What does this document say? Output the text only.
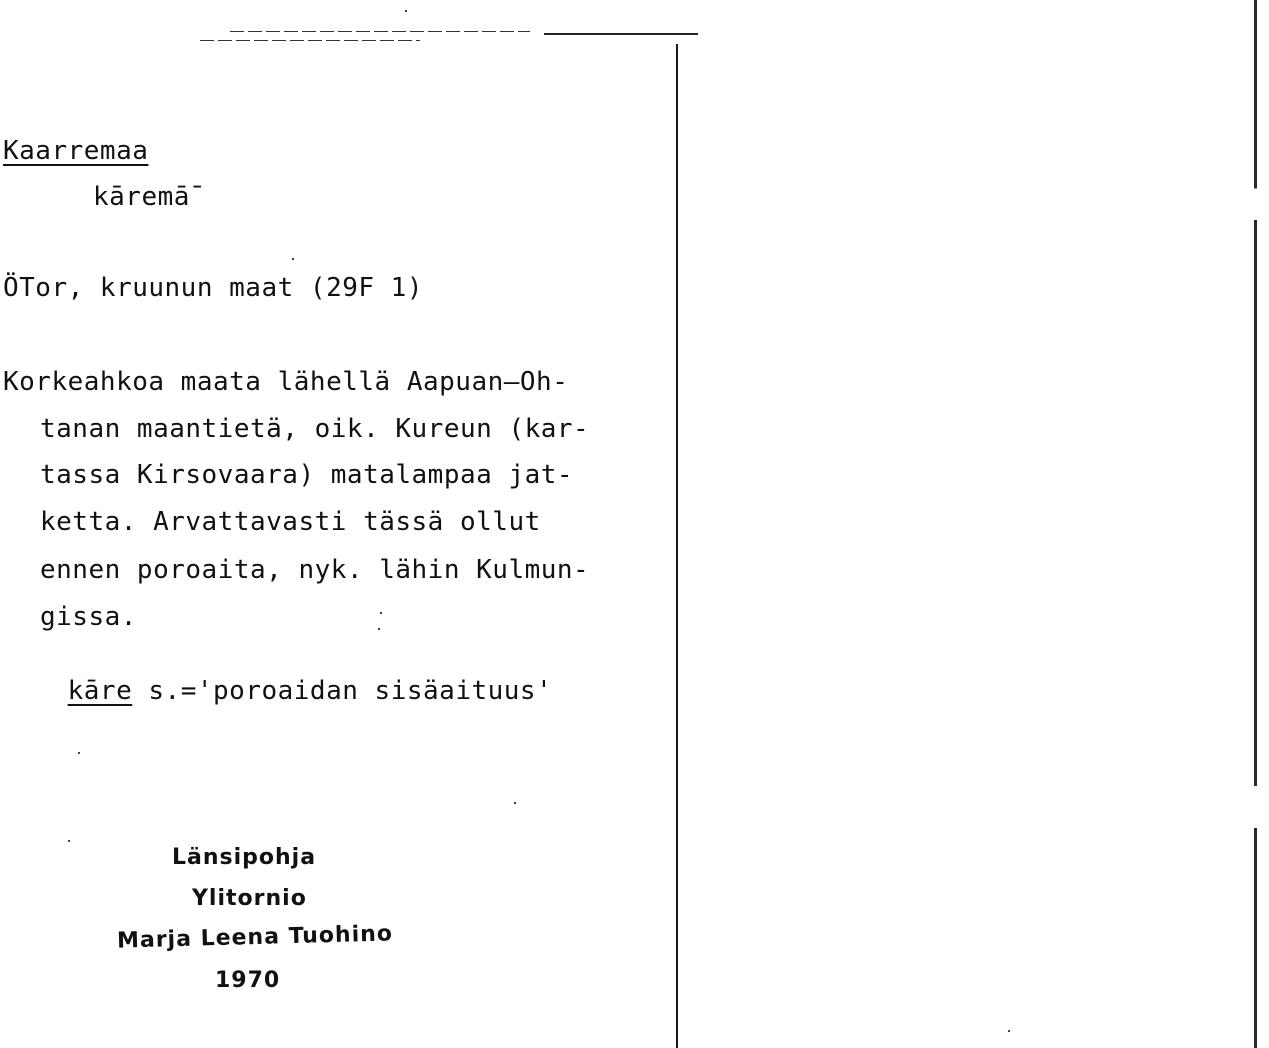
Kaarremaa
kāremā̄
ÖTor, kruunun maat (29F 1)
Korkeahkoa maata lähellä Aapuan—Oh-
tanan maantietä, oik. Kureun (kar-
tassa Kirsovaara) matalampaa jat-
ketta. Arvattavasti tässä ollut
ennen poroaita, nyk. lähin Kulmun-
gissa.

kāre s.='poroaidan sisäaituus'

Länsipohja
Ylitornio
Marja Leena Tuohino
1970
